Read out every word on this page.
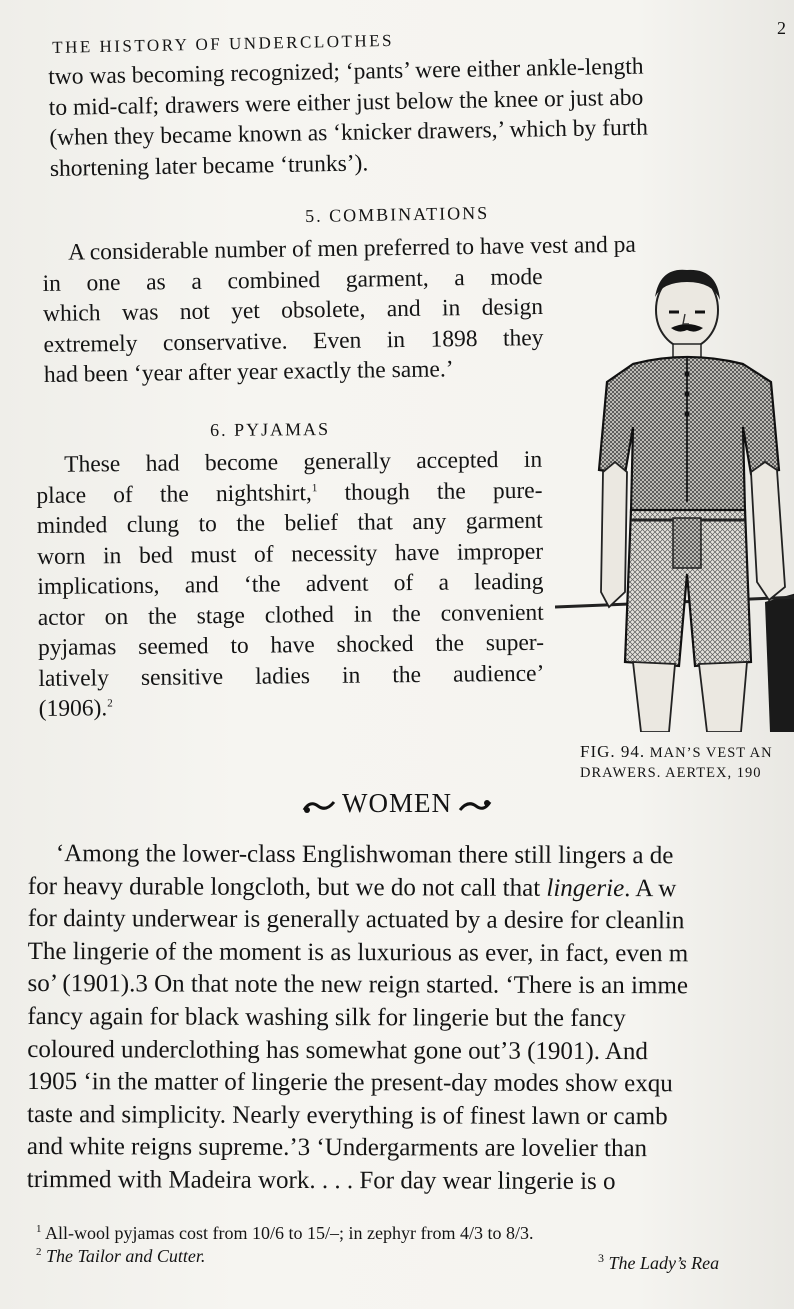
2
THE HISTORY OF UNDERCLOTHES
two was becoming recognized; ‘pants’ were either ankle-length
to mid-calf; drawers were either just below the knee or just abo
(when they became known as ‘knicker drawers,’ which by furth
shortening later became ‘trunks’).
5. COMBINATIONS
A considerable number of men preferred to have vest and pa
in one as a combined garment, a mode
which was not yet obsolete, and in design
extremely conservative. Even in 1898 they
had been ‘year after year exactly the same.’
6. PYJAMAS
These had become generally accepted in
place of the nightshirt,$^1$ though the pure-
minded clung to the belief that any garment
worn in bed must of necessity have improper
implications, and ‘the advent of a leading
actor on the stage clothed in the convenient
pyjamas seemed to have shocked the super-
latively sensitive ladies in the audience’
(1906).$^2$
FIG. 94. MAN’S VEST AN
DRAWERS. AERTEX, 190
WOMEN
‘Among the lower-class Englishwoman there still lingers a de
for heavy durable longcloth, but we do not call that lingerie. A w
for dainty underwear is generally actuated by a desire for cleanlin
The lingerie of the moment is as luxurious as ever, in fact, even m
so’ (1901).3 On that note the new reign started. ‘There is an imme
fancy again for black washing silk for lingerie but the fancy
coloured underclothing has somewhat gone out’3 (1901). And
1905 ‘in the matter of lingerie the present-day modes show exqu
taste and simplicity. Nearly everything is of finest lawn or camb
and white reigns supreme.’3 ‘Undergarments are lovelier than
trimmed with Madeira work. . . . For day wear lingerie is o
$^1$ All-wool pyjamas cost from 10/6 to 15/–; in zephyr from 4/3 to 8/3.
$^2$ The Tailor and Cutter.	$^3$ The Lady’s Rea
